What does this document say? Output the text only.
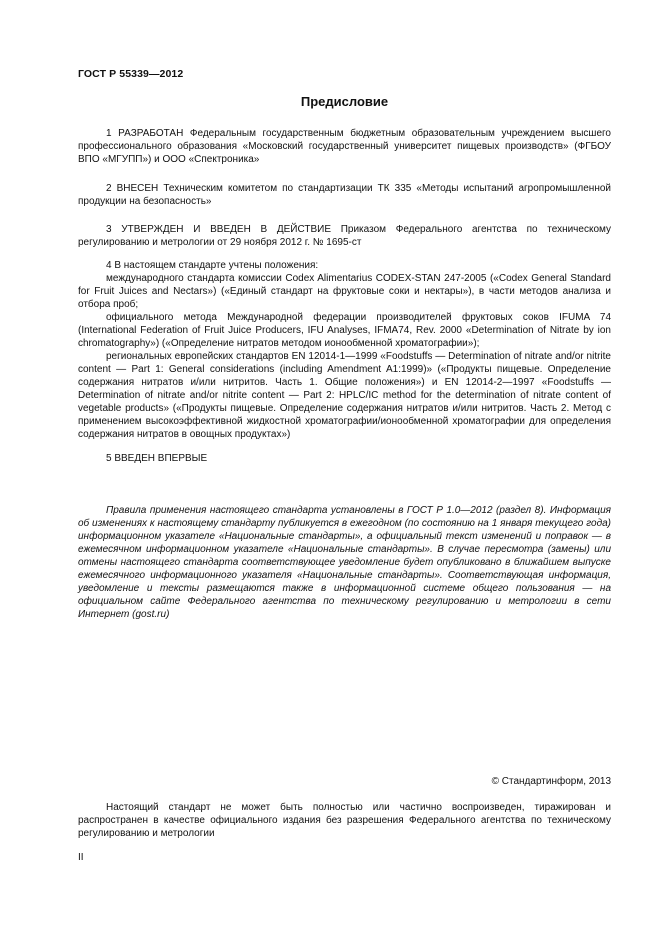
ГОСТ Р 55339—2012
Предисловие

1 РАЗРАБОТАН Федеральным государственным бюджетным образовательным учреждением высшего профессионального образования «Московский государственный университет пищевых производств» (ФГБОУ ВПО «МГУПП») и ООО «Спектроника»

2 ВНЕСЕН Техническим комитетом по стандартизации ТК 335 «Методы испытаний агропромышленной продукции на безопасность»

3 УТВЕРЖДЕН И ВВЕДЕН В ДЕЙСТВИЕ Приказом Федерального агентства по техническому регулированию и метрологии от 29 ноября 2012 г. № 1695-ст

4 В настоящем стандарте учтены положения:

международного стандарта комиссии Codex Alimentarius CODEX-STAN 247-2005 («Codex General Standard for Fruit Juices and Nectars») («Единый стандарт на фруктовые соки и нектары»), в части методов анализа и отбора проб;

официального метода Международной федерации производителей фруктовых соков IFUMA 74 (International Federation of Fruit Juice Producers, IFU Analyses, IFMA74, Rev. 2000 «Determination of Nitrate by ion chromatography») («Определение нитратов методом ионообменной хроматографии»);

региональных европейских стандартов EN 12014-1—1999 «Foodstuffs — Determination of nitrate and/or nitrite content — Part 1: General considerations (including Amendment A1:1999)» («Продукты пищевые. Определение содержания нитратов и/или нитритов. Часть 1. Общие положения») и EN 12014-2—1997 «Foodstuffs — Determination of nitrate and/or nitrite content — Part 2: HPLC/IC method for the determination of nitrate content of vegetable products» («Продукты пищевые. Определение содержания нитратов и/или нитритов. Часть 2. Метод с применением высокоэффективной жидкостной хроматографии/ионообменной хроматографии для определения содержания нитратов в овощных продуктах»)

5 ВВЕДЕН ВПЕРВЫЕ

Правила применения настоящего стандарта установлены в ГОСТ Р 1.0—2012 (раздел 8). Информация об изменениях к настоящему стандарту публикуется в ежегодном (по состоянию на 1 января текущего года) информационном указателе «Национальные стандарты», а официальный текст изменений и поправок — в ежемесячном информационном указателе «Национальные стандарты». В случае пересмотра (замены) или отмены настоящего стандарта соответствующее уведомление будет опубликовано в ближайшем выпуске ежемесячного информационного указателя «Национальные стандарты». Соответствующая информация, уведомление и тексты размещаются также в информационной системе общего пользования — на официальном сайте Федерального агентства по техническому регулированию и метрологии в сети Интернет (gost.ru)

© Стандартинформ, 2013

Настоящий стандарт не может быть полностью или частично воспроизведен, тиражирован и распространен в качестве официального издания без разрешения Федерального агентства по техническому регулированию и метрологии

II
